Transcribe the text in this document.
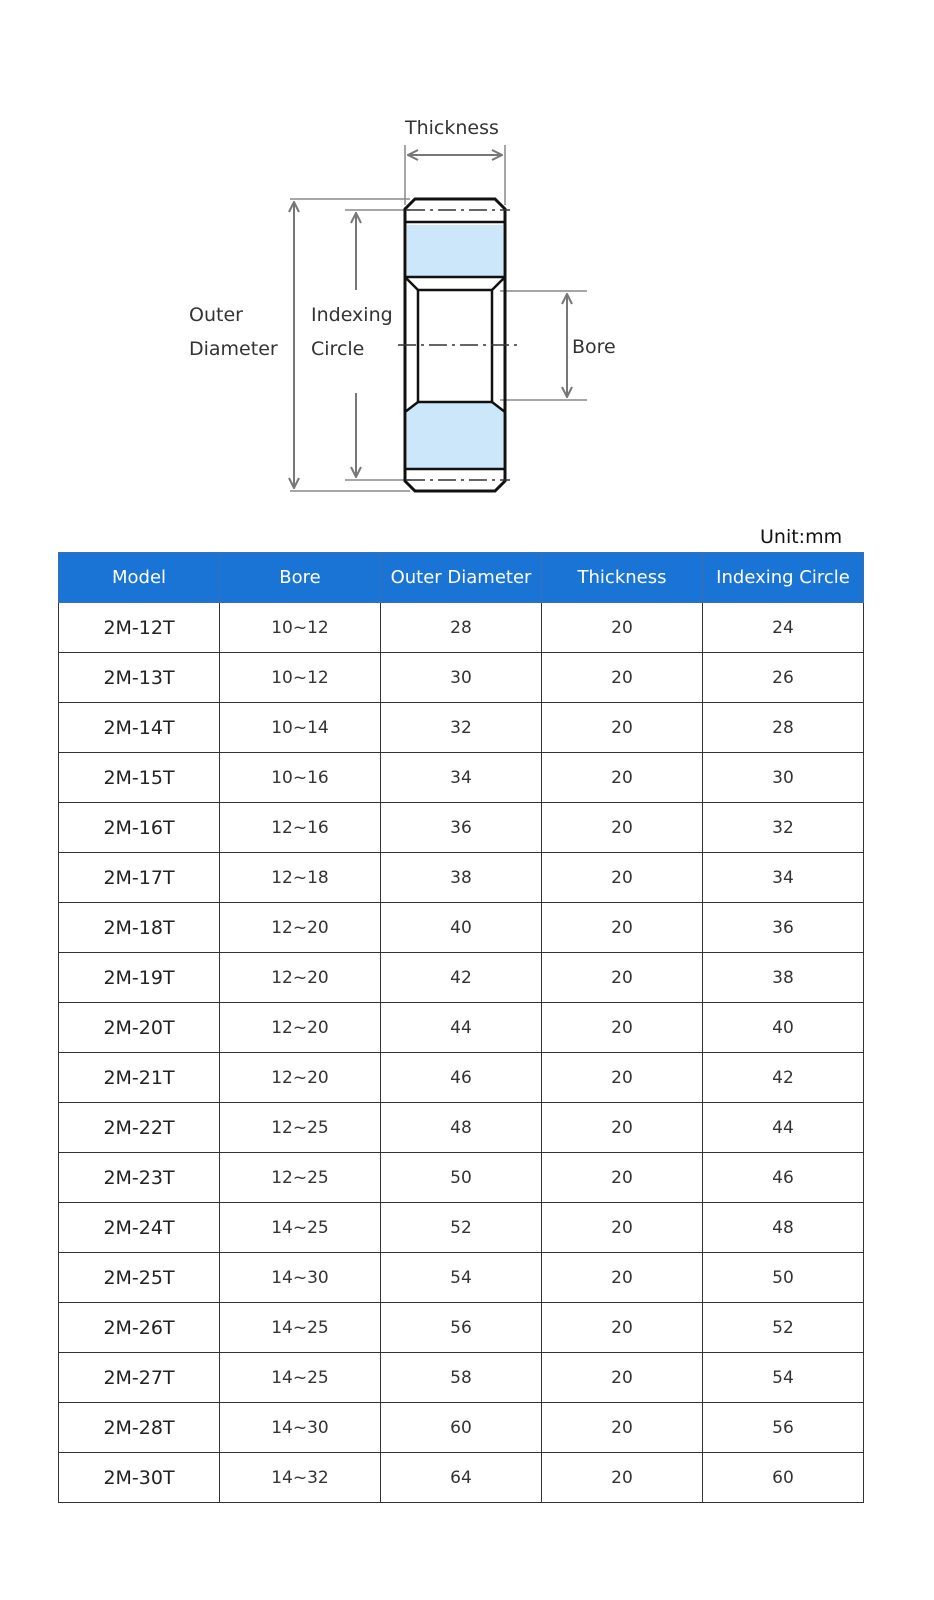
Thickness
Outer
Diameter
Indexing
Circle	Bore
Unit:mm
Model	Bore	Outer Diameter	Thickness	Indexing Circle
2M-12T	10~12	28	20	24
2M-13T	10~12	30	20	26
2M-14T	10~14	32	20	28
2M-15T	10~16	34	20	30
2M-16T	12~16	36	20	32
2M-17T	12~18	38	20	34
2M-18T	12~20	40	20	36
2M-19T	12~20	42	20	38
2M-20T	12~20	44	20	40
2M-21T	12~20	46	20	42
2M-22T	12~25	48	20	44
2M-23T	12~25	50	20	46
2M-24T	14~25	52	20	48
2M-25T	14~30	54	20	50
2M-26T	14~25	56	20	52
2M-27T	14~25	58	20	54
2M-28T	14~30	60	20	56
2M-30T	14~32	64	20	60
